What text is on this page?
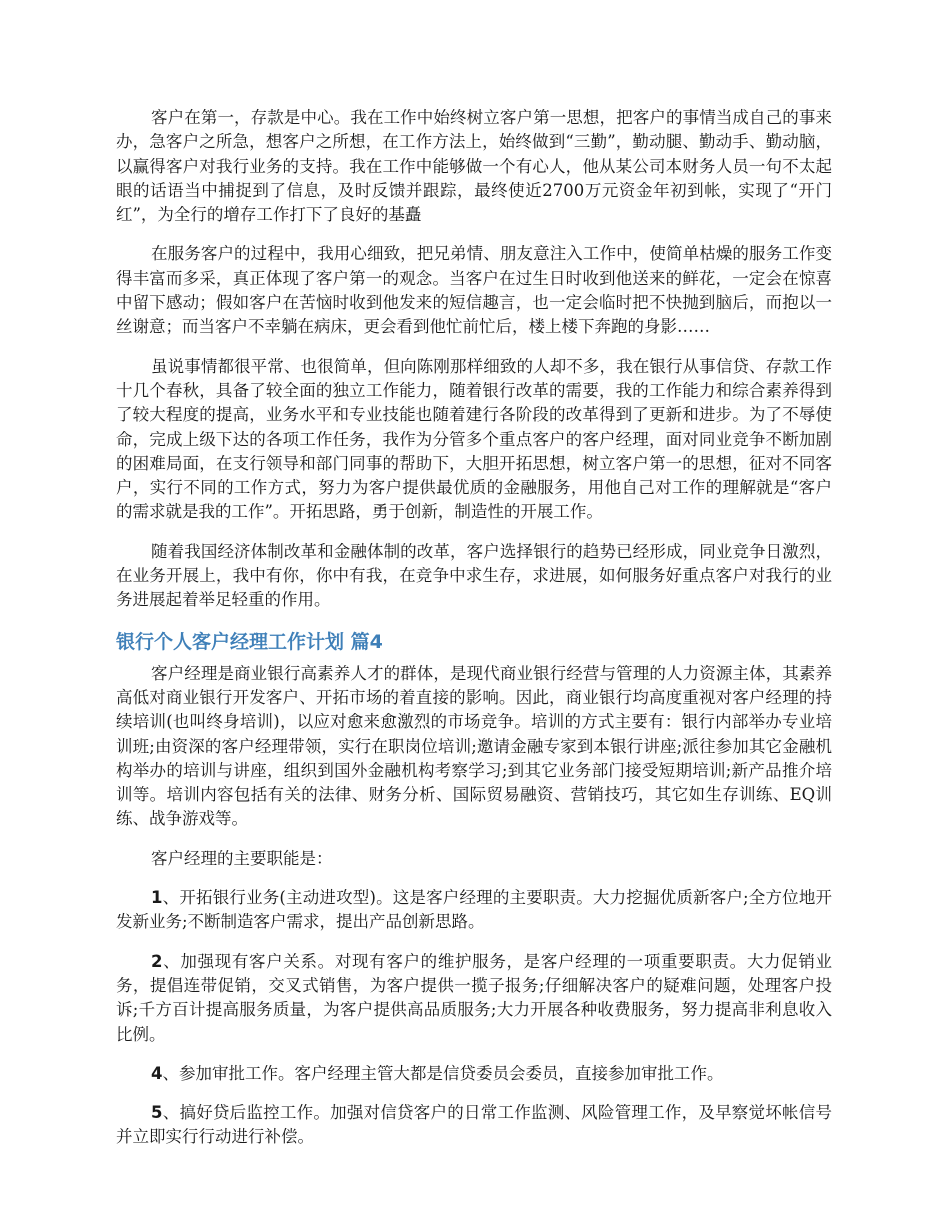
客户在第一，存款是中心。我在工作中始终树立客户第一思想，把客户的事情当成自己的事来办，急客户之所急，想客户之所想，在工作方法上，始终做到“三勤”，勤动腿、勤动手、勤动脑，以赢得客户对我行业务的支持。我在工作中能够做一个有心人，他从某公司本财务人员一句不太起眼的话语当中捕捉到了信息，及时反馈并跟踪，最终使近2700万元资金年初到帐，实现了“开门红”，为全行的增存工作打下了良好的基矗

在服务客户的过程中，我用心细致，把兄弟情、朋友意注入工作中，使简单枯燥的服务工作变得丰富而多采，真正体现了客户第一的观念。当客户在过生日时收到他送来的鲜花，一定会在惊喜中留下感动；假如客户在苦恼时收到他发来的短信趣言，也一定会临时把不快抛到脑后，而抱以一丝谢意；而当客户不幸躺在病床，更会看到他忙前忙后，楼上楼下奔跑的身影……

虽说事情都很平常、也很简单，但向陈刚那样细致的人却不多，我在银行从事信贷、存款工作十几个春秋，具备了较全面的独立工作能力，随着银行改革的需要，我的工作能力和综合素养得到了较大程度的提高，业务水平和专业技能也随着建行各阶段的改革得到了更新和进步。为了不辱使命，完成上级下达的各项工作任务，我作为分管多个重点客户的客户经理，面对同业竞争不断加剧的困难局面，在支行领导和部门同事的帮助下，大胆开拓思想，树立客户第一的思想，征对不同客户，实行不同的工作方式，努力为客户提供最优质的金融服务，用他自己对工作的理解就是“客户的需求就是我的工作”。开拓思路，勇于创新，制造性的开展工作。

随着我国经济体制改革和金融体制的改革，客户选择银行的趋势已经形成，同业竞争日激烈，在业务开展上，我中有你，你中有我，在竞争中求生存，求进展，如何服务好重点客户对我行的业务进展起着举足轻重的作用。

银行个人客户经理工作计划 篇4

客户经理是商业银行高素养人才的群体，是现代商业银行经营与管理的人力资源主体，其素养高低对商业银行开发客户、开拓市场的着直接的影响。因此，商业银行均高度重视对客户经理的持续培训(也叫终身培训)，以应对愈来愈激烈的市场竞争。培训的方式主要有：银行内部举办专业培训班;由资深的客户经理带领，实行在职岗位培训;邀请金融专家到本银行讲座;派往参加其它金融机构举办的培训与讲座，组织到国外金融机构考察学习;到其它业务部门接受短期培训;新产品推介培训等。培训内容包括有关的法律、财务分析、国际贸易融资、营销技巧，其它如生存训练、EQ训练、战争游戏等。

客户经理的主要职能是：

1、开拓银行业务(主动进攻型)。这是客户经理的主要职责。大力挖掘优质新客户;全方位地开发新业务;不断制造客户需求，提出产品创新思路。

2、加强现有客户关系。对现有客户的维护服务，是客户经理的一项重要职责。大力促销业务，提倡连带促销，交叉式销售，为客户提供一揽子报务;仔细解决客户的疑难问题，处理客户投诉;千方百计提高服务质量，为客户提供高品质服务;大力开展各种收费服务，努力提高非利息收入比例。

4、参加审批工作。客户经理主管大都是信贷委员会委员，直接参加审批工作。

5、搞好贷后监控工作。加强对信贷客户的日常工作监测、风险管理工作，及早察觉坏帐信号并立即实行行动进行补偿。
